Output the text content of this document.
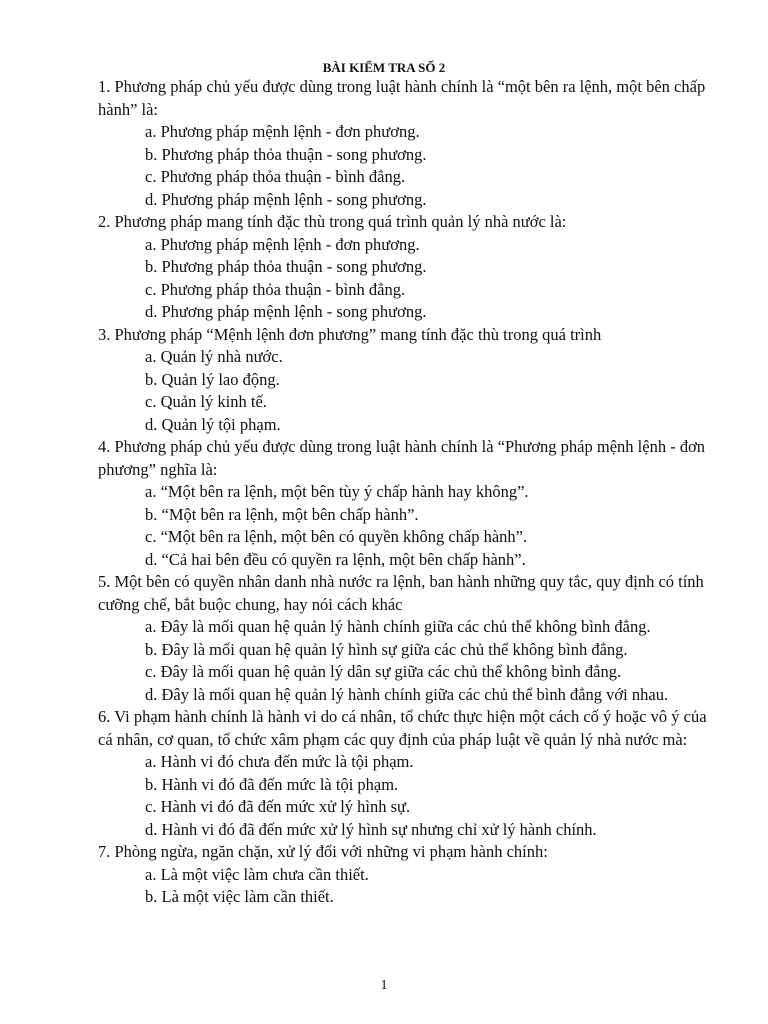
BÀI KIỂM TRA SỐ 2

1. Phương pháp chủ yếu được dùng trong luật hành chính là “một bên ra lệnh, một bên chấp hành” là:

a. Phương pháp mệnh lệnh - đơn phương.
b. Phương pháp thỏa thuận - song phương.
c. Phương pháp thỏa thuận - bình đẳng.
d. Phương pháp mệnh lệnh - song phương.

2. Phương pháp mang tính đặc thù trong quá trình quản lý nhà nước là:

a. Phương pháp mệnh lệnh - đơn phương.
b. Phương pháp thỏa thuận - song phương.
c. Phương pháp thỏa thuận - bình đẳng.
d. Phương pháp mệnh lệnh - song phương.

3. Phương pháp “Mệnh lệnh đơn phương” mang tính đặc thù trong quá trình

a. Quản lý nhà nước.
b. Quản lý lao động.
c. Quản lý kinh tế.
d. Quản lý tội phạm.

4. Phương pháp chủ yếu được dùng trong luật hành chính là “Phương pháp mệnh lệnh - đơn phương” nghĩa là:

a. “Một bên ra lệnh, một bên tùy ý chấp hành hay không”.
b. “Một bên ra lệnh, một bên chấp hành”.
c. “Một bên ra lệnh, một bên có quyền không chấp hành”.
d. “Cả hai bên đều có quyền ra lệnh, một bên chấp hành”.

5. Một bên có quyền nhân danh nhà nước ra lệnh, ban hành những quy tắc, quy định có tính cưỡng chế, bắt buộc chung, hay nói cách khác

a. Đây là mối quan hệ quản lý hành chính giữa các chủ thể không bình đẳng.
b. Đây là mối quan hệ quản lý hình sự giữa các chủ thể không bình đẳng.
c. Đây là mối quan hệ quản lý dân sự giữa các chủ thể không bình đẳng.
d. Đây là mối quan hệ quản lý hành chính giữa các chủ thể bình đẳng với nhau.

6. Vi phạm hành chính là hành vi do cá nhân, tổ chức thực hiện một cách cố ý hoặc vô ý của cá nhân, cơ quan, tổ chức xâm phạm các quy định của pháp luật về quản lý nhà nước mà:

a. Hành vi đó chưa đến mức là tội phạm.
b. Hành vi đó đã đến mức là tội phạm.
c. Hành vi đó đã đến mức xử lý hình sự.
d. Hành vi đó đã đến mức xử lý hình sự nhưng chỉ xử lý hành chính.

7. Phòng ngừa, ngăn chặn, xử lý đối với những vi phạm hành chính:

a. Là một việc làm chưa cần thiết.
b. Là một việc làm cần thiết.
1
